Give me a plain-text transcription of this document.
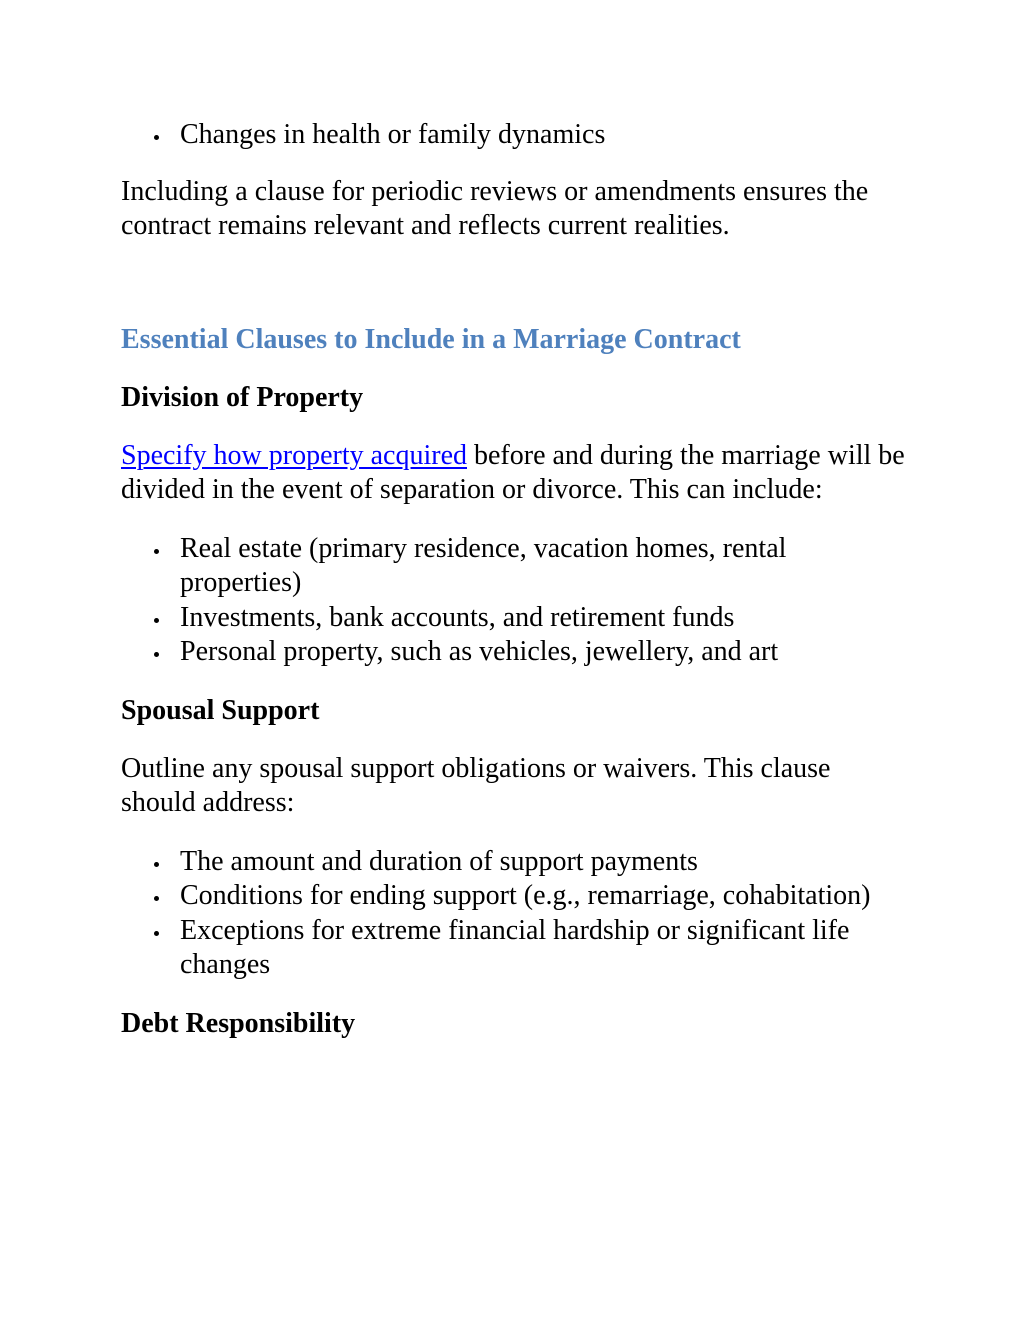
Changes in health or family dynamics

Including a clause for periodic reviews or amendments ensures the contract remains relevant and reflects current realities.

Essential Clauses to Include in a Marriage Contract
Division of Property

Specify how property acquired before and during the marriage will be divided in the event of separation or divorce. This can include:

Real estate (primary residence, vacation homes, rental properties)
Investments, bank accounts, and retirement funds
Personal property, such as vehicles, jewellery, and art
Spousal Support

Outline any spousal support obligations or waivers. This clause should address:

The amount and duration of support payments
Conditions for ending support (e.g., remarriage, cohabitation)
Exceptions for extreme financial hardship or significant life changes
Debt Responsibility
